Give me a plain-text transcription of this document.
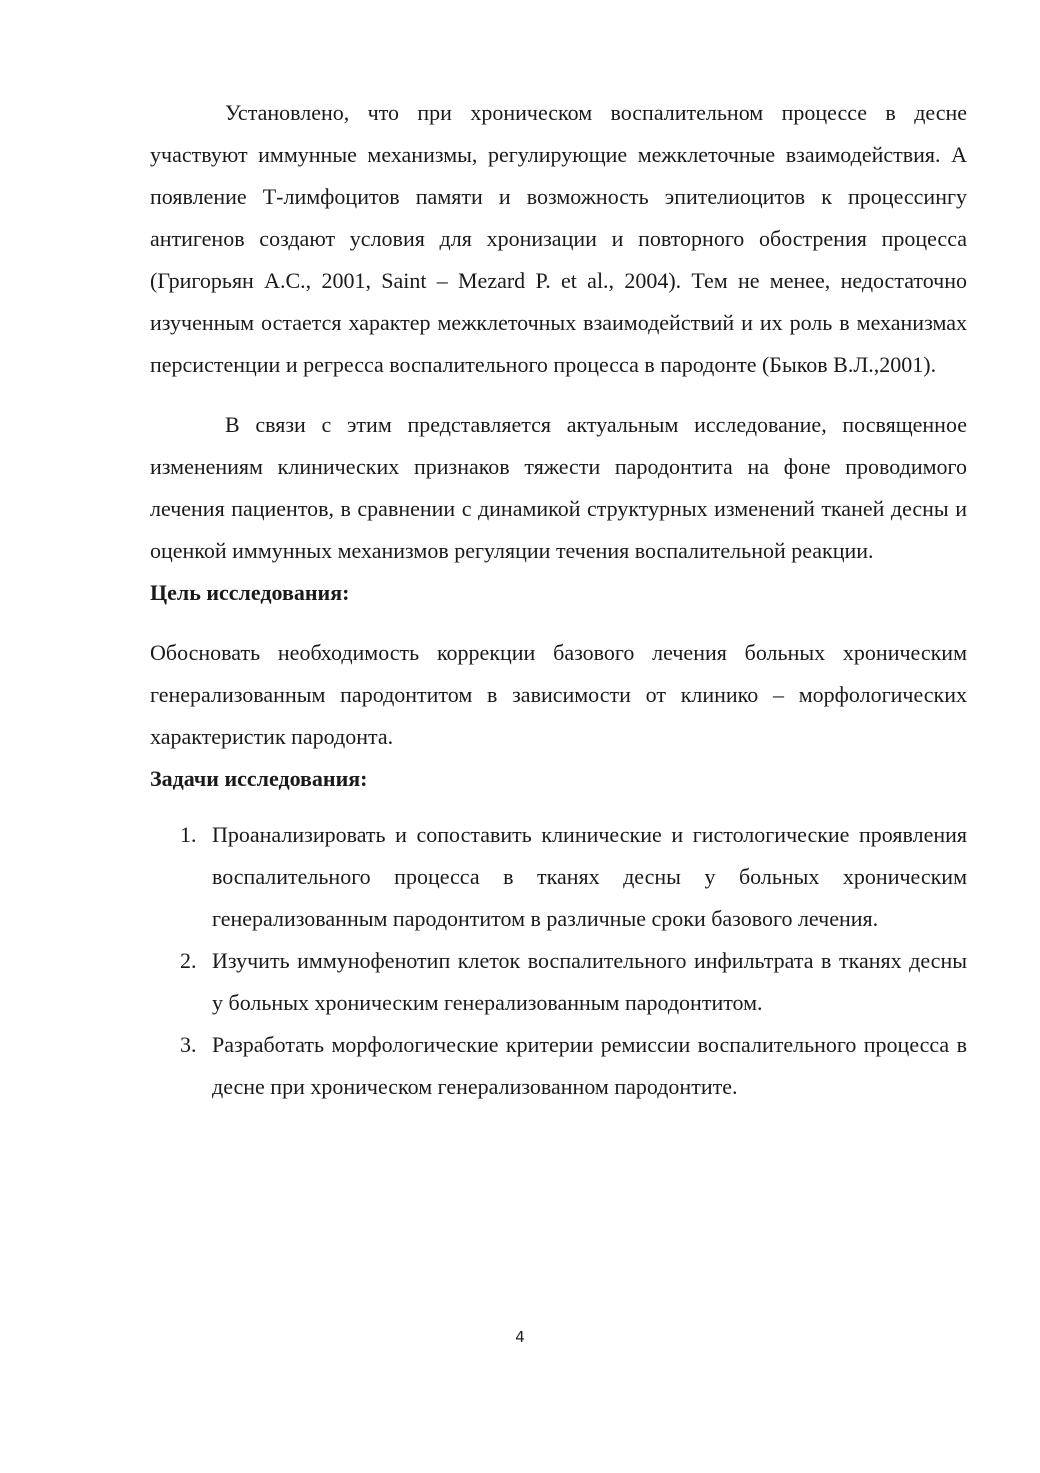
Установлено, что при хроническом воспалительном процессе в десне участвуют иммунные механизмы, регулирующие межклеточные взаимодействия. А появление Т-лимфоцитов памяти и возможность эпителиоцитов к процессингу антигенов создают условия для хронизации и повторного обострения процесса (Григорьян А.С., 2001, Saint – Mezard P. et al., 2004). Тем не менее, недостаточно изученным остается характер межклеточных взаимодействий и их роль в механизмах персистенции и регресса воспалительного процесса в пародонте (Быков В.Л.,2001).

В связи с этим представляется актуальным исследование, посвященное изменениям клинических признаков тяжести пародонтита на фоне проводимого лечения пациентов, в сравнении с динамикой структурных изменений тканей десны и оценкой иммунных механизмов регуляции течения воспалительной реакции.

Цель исследования:

Обосновать необходимость коррекции базового лечения больных хроническим генерализованным пародонтитом в зависимости от клинико – морфологических характеристик пародонта.

Задачи исследования:

1. Проанализировать и сопоставить клинические и гистологические проявления воспалительного процесса в тканях десны у больных хроническим генерализованным пародонтитом в различные сроки базового лечения.
2. Изучить иммунофенотип клеток воспалительного инфильтрата в тканях десны у больных хроническим генерализованным пародонтитом.
3. Разработать морфологические критерии ремиссии воспалительного процесса в десне при хроническом генерализованном пародонтите.
4
